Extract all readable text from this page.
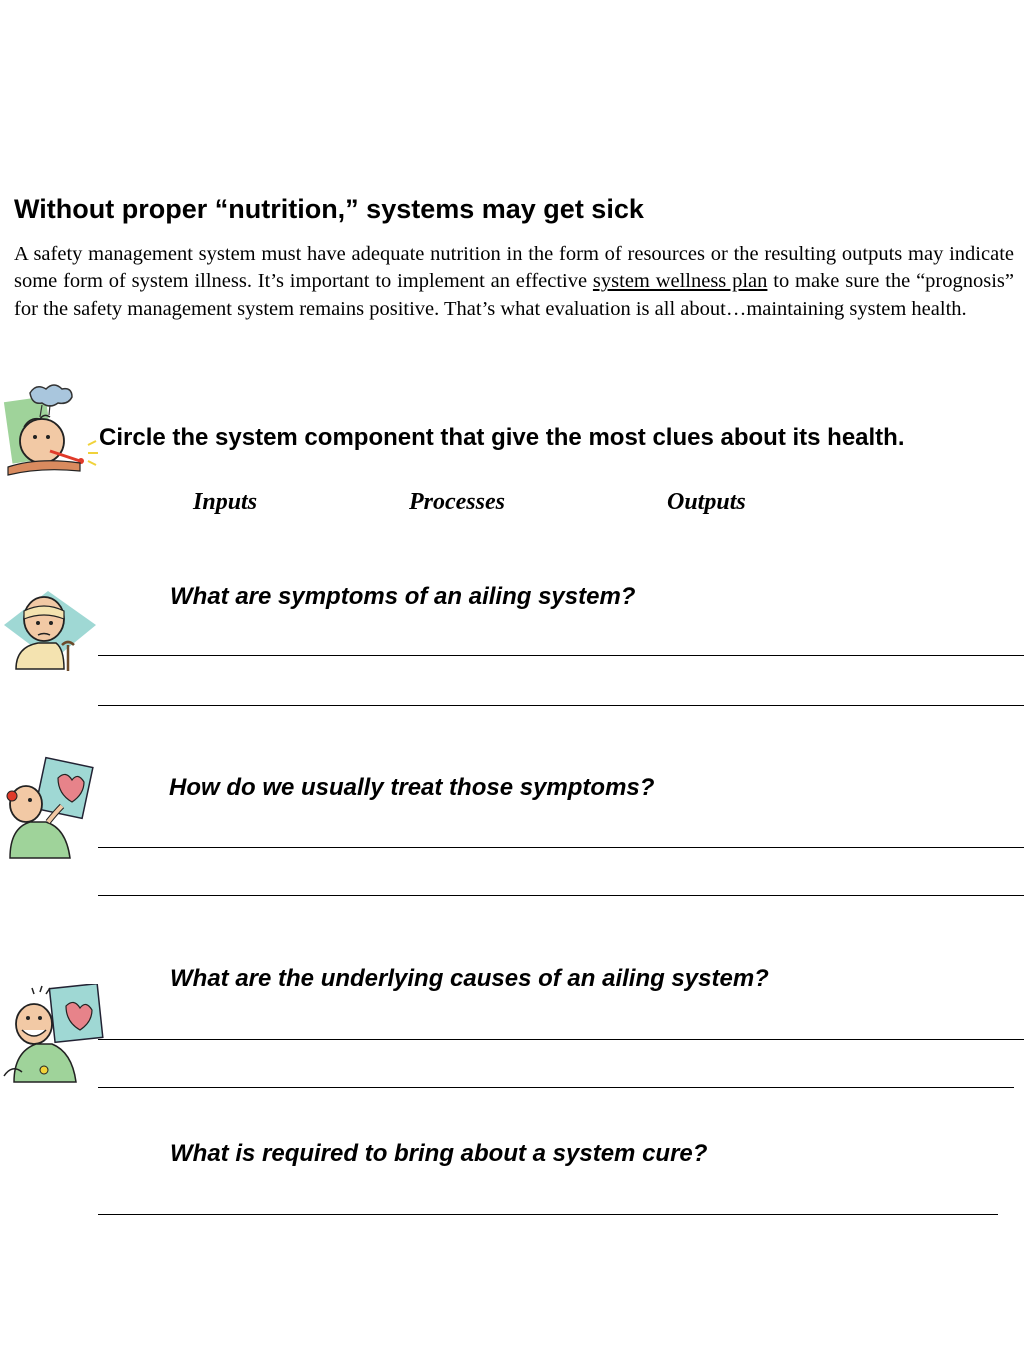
Without proper “nutrition,” systems may get sick

A safety management system must have adequate nutrition in the form of resources or the resulting outputs may indicate some form of system illness. It’s important to implement an effective system wellness plan to make sure the “prognosis” for the safety management system remains positive. That’s what evaluation is all about…maintaining system health.

Circle the system component that give the most clues about its health.
Inputs	Processes	Outputs
What are symptoms of an ailing system?
How do we usually treat those symptoms?
What are the underlying causes of an ailing system?
What is required to bring about a system cure?
